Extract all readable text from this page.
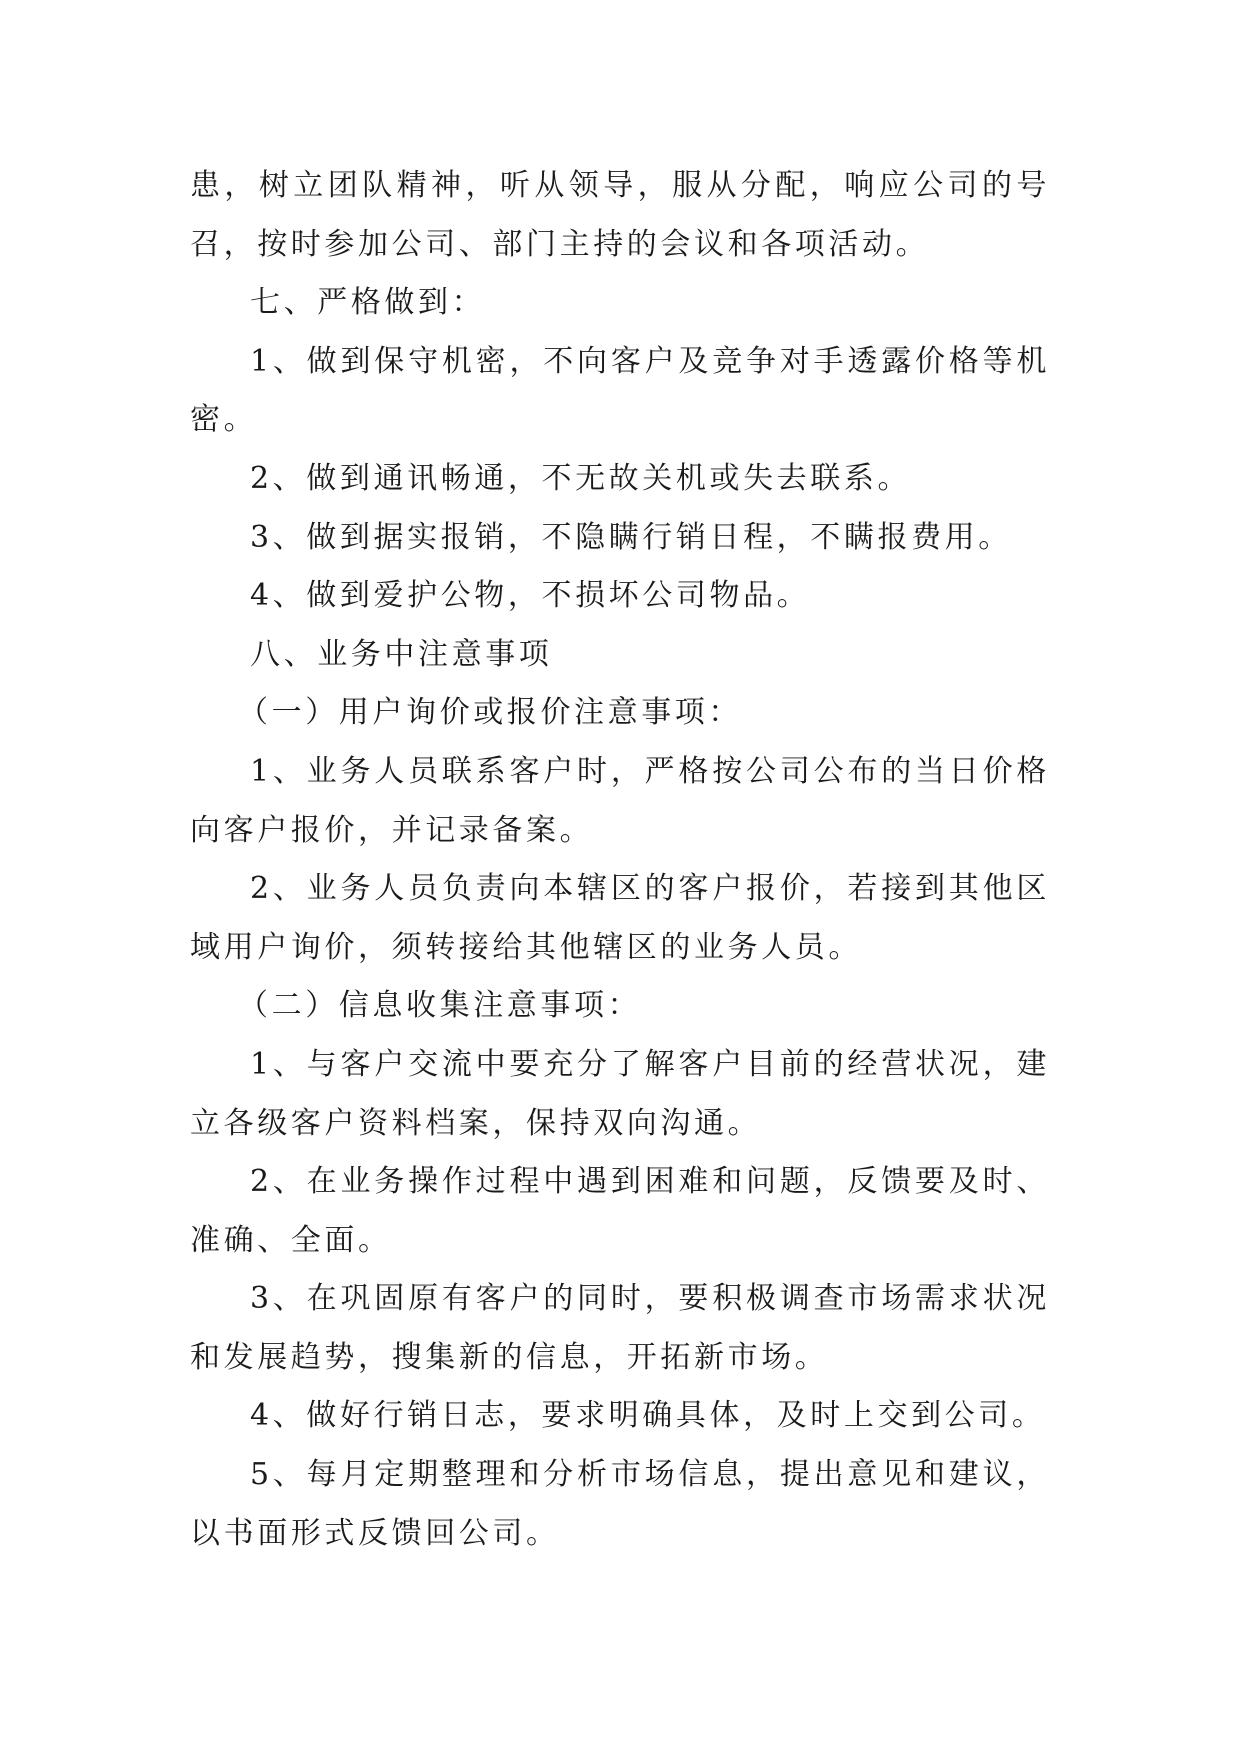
患，树立团队精神，听从领导，服从分配，响应公司的号召，按时参加公司、部门主持的会议和各项活动。

七、严格做到：

1、做到保守机密，不向客户及竞争对手透露价格等机密。

2、做到通讯畅通，不无故关机或失去联系。

3、做到据实报销，不隐瞒行销日程，不瞒报费用。

4、做到爱护公物，不损坏公司物品。

八、业务中注意事项

（一）用户询价或报价注意事项：

1、业务人员联系客户时，严格按公司公布的当日价格向客户报价，并记录备案。

2、业务人员负责向本辖区的客户报价，若接到其他区域用户询价，须转接给其他辖区的业务人员。

（二）信息收集注意事项：

1、与客户交流中要充分了解客户目前的经营状况，建立各级客户资料档案，保持双向沟通。

2、在业务操作过程中遇到困难和问题，反馈要及时、准确、全面。

3、在巩固原有客户的同时，要积极调查市场需求状况和发展趋势，搜集新的信息，开拓新市场。

4、做好行销日志，要求明确具体，及时上交到公司。

5、每月定期整理和分析市场信息，提出意见和建议，以书面形式反馈回公司。
